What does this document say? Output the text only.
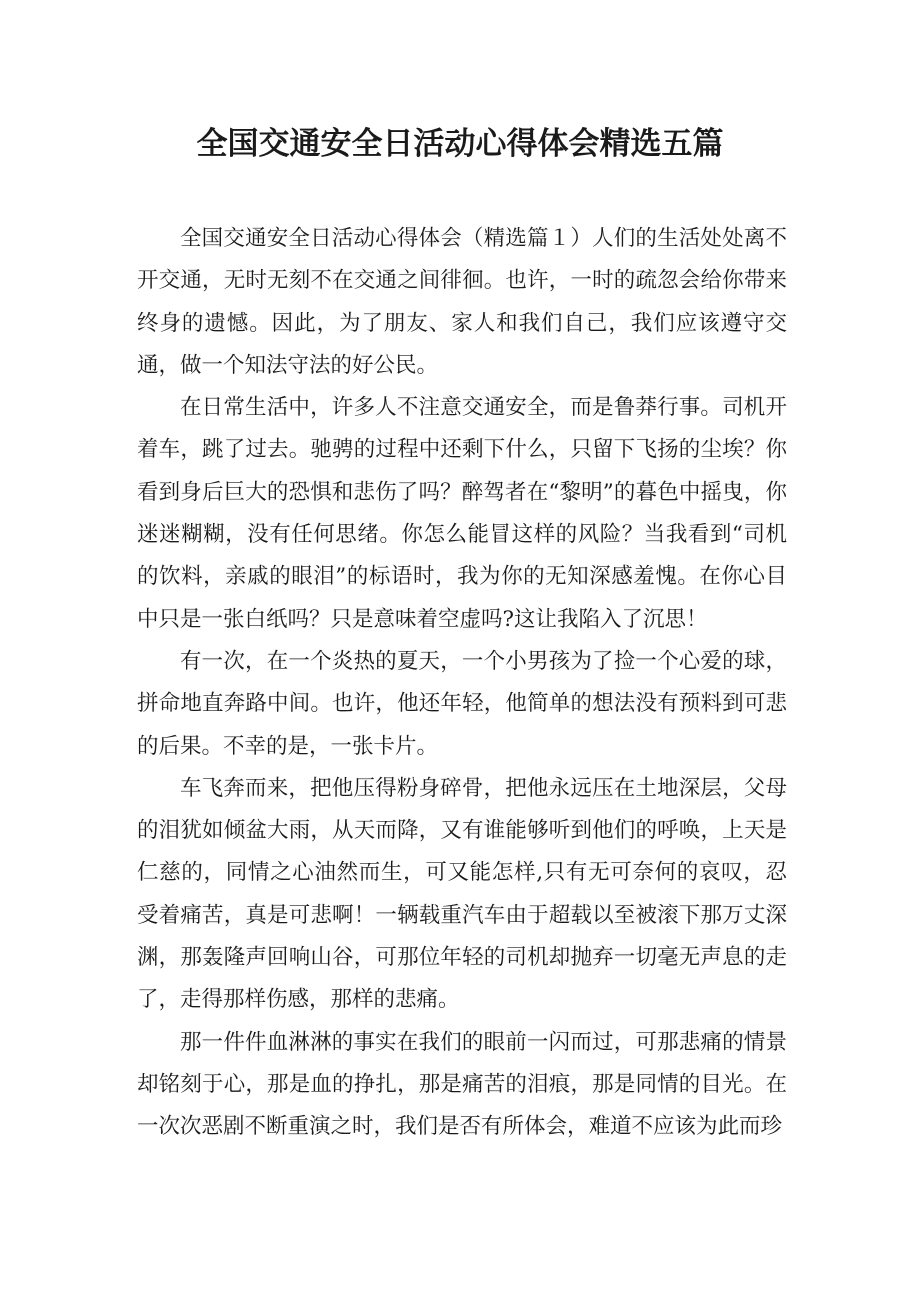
全国交通安全日活动心得体会精选五篇

全国交通安全日活动心得体会（精选篇１）人们的生活处处离不开交通，无时无刻不在交通之间徘徊。也许，一时的疏忽会给你带来终身的遗憾。因此，为了朋友、家人和我们自己，我们应该遵守交通，做一个知法守法的好公民。

在日常生活中，许多人不注意交通安全，而是鲁莽行事。司机开着车，跳了过去。驰骋的过程中还剩下什么，只留下飞扬的尘埃？你看到身后巨大的恐惧和悲伤了吗？醉驾者在“黎明”的暮色中摇曳，你迷迷糊糊，没有任何思绪。你怎么能冒这样的风险？当我看到“司机的饮料，亲戚的眼泪”的标语时，我为你的无知深感羞愧。在你心目中只是一张白纸吗？只是意味着空虚吗?这让我陷入了沉思！

有一次，在一个炎热的夏天，一个小男孩为了捡一个心爱的球，拼命地直奔路中间。也许，他还年轻，他简单的想法没有预料到可悲的后果。不幸的是，一张卡片。

车飞奔而来，把他压得粉身碎骨，把他永远压在土地深层，父母的泪犹如倾盆大雨，从天而降，又有谁能够听到他们的呼唤，上天是仁慈的，同情之心油然而生，可又能怎样,只有无可奈何的哀叹，忍受着痛苦，真是可悲啊！一辆载重汽车由于超载以至被滚下那万丈深渊，那轰隆声回响山谷，可那位年轻的司机却抛弃一切毫无声息的走了，走得那样伤感，那样的悲痛。

那一件件血淋淋的事实在我们的眼前一闪而过，可那悲痛的情景却铭刻于心，那是血的挣扎，那是痛苦的泪痕，那是同情的目光。在一次次恶剧不断重演之时，我们是否有所体会，难道不应该为此而珍
